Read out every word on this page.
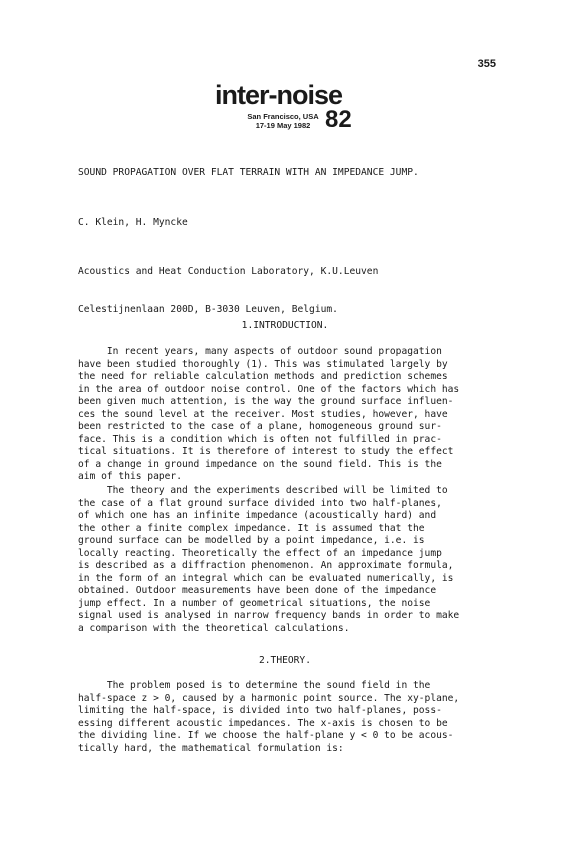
355
inter-noise
San Francisco, USA
17-19 May 1982 82
SOUND PROPAGATION OVER FLAT TERRAIN WITH AN IMPEDANCE JUMP.
C. Klein, H. Myncke

Acoustics and Heat Conduction Laboratory, K.U.Leuven

Celestijnenlaan 200D, B-3030 Leuven, Belgium.

1.INTRODUCTION.
In recent years, many aspects of outdoor sound propagation
have been studied thoroughly (1). This was stimulated largely by
the need for reliable calculation methods and prediction schemes
in the area of outdoor noise control. One of the factors which has
been given much attention, is the way the ground surface influen-
ces the sound level at the receiver. Most studies, however, have
been restricted to the case of a plane, homogeneous ground sur-
face. This is a condition which is often not fulfilled in prac-
tical situations. It is therefore of interest to study the effect
of a change in ground impedance on the sound field. This is the
aim of this paper.
The theory and the experiments described will be limited to
the case of a flat ground surface divided into two half-planes,
of which one has an infinite impedance (acoustically hard) and
the other a finite complex impedance. It is assumed that the
ground surface can be modelled by a point impedance, i.e. is
locally reacting. Theoretically the effect of an impedance jump
is described as a diffraction phenomenon. An approximate formula,
in the form of an integral which can be evaluated numerically, is
obtained. Outdoor measurements have been done of the impedance
jump effect. In a number of geometrical situations, the noise
signal used is analysed in narrow frequency bands in order to make
a comparison with the theoretical calculations.
2.THEORY.
The problem posed is to determine the sound field in the
half-space z > 0, caused by a harmonic point source. The xy-plane,
limiting the half-space, is divided into two half-planes, poss-
essing different acoustic impedances. The x-axis is chosen to be
the dividing line. If we choose the half-plane y < 0 to be acous-
tically hard, the mathematical formulation is:
